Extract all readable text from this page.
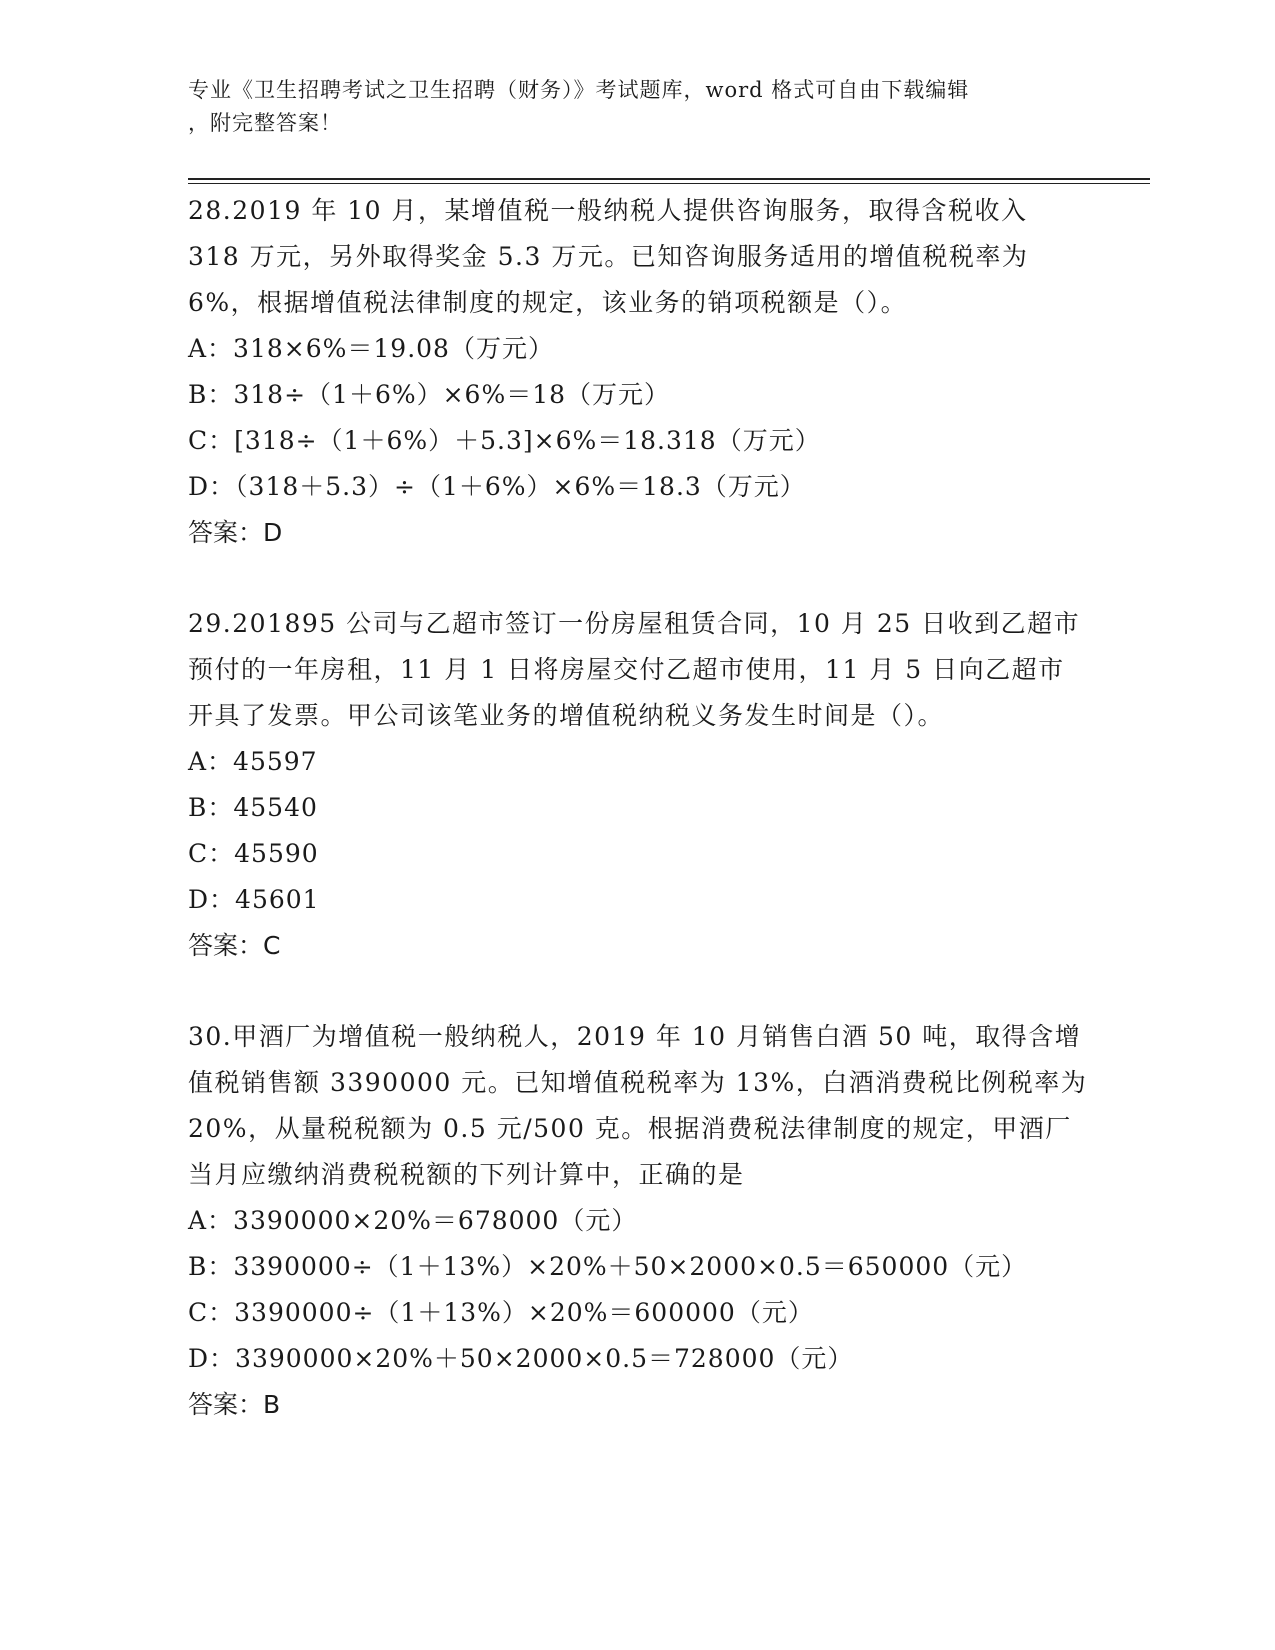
专业《卫生招聘考试之卫生招聘（财务）》考试题库，word 格式可自由下载编辑
，附完整答案！

28.2019 年 10 月，某增值税一般纳税人提供咨询服务，取得含税收入 318 万元，另外取得奖金 5.3 万元。已知咨询服务适用的增值税税率为 6%，根据增值税法律制度的规定，该业务的销项税额是（）。

A：318×6%＝19.08（万元）

B：318÷（1＋6%）×6%＝18（万元）

C：[318÷（1＋6%）＋5.3]×6%＝18.318（万元）

D：（318＋5.3）÷（1＋6%）×6%＝18.3（万元）

答案：D

29.201895 公司与乙超市签订一份房屋租赁合同，10 月 25 日收到乙超市预付的一年房租，11 月 1 日将房屋交付乙超市使用，11 月 5 日向乙超市开具了发票。甲公司该笔业务的增值税纳税义务发生时间是（）。

A：45597

B：45540

C：45590

D：45601

答案：C

30.甲酒厂为增值税一般纳税人，2019 年 10 月销售白酒 50 吨，取得含增值税销售额 3390000 元。已知增值税税率为 13%，白酒消费税比例税率为 20%，从量税税额为 0.5 元/500 克。根据消费税法律制度的规定，甲酒厂当月应缴纳消费税税额的下列计算中，正确的是

A：3390000×20%＝678000（元）

B：3390000÷（1＋13%）×20%＋50×2000×0.5＝650000（元）

C：3390000÷（1＋13%）×20%＝600000（元）

D：3390000×20%＋50×2000×0.5＝728000（元）

答案：B
